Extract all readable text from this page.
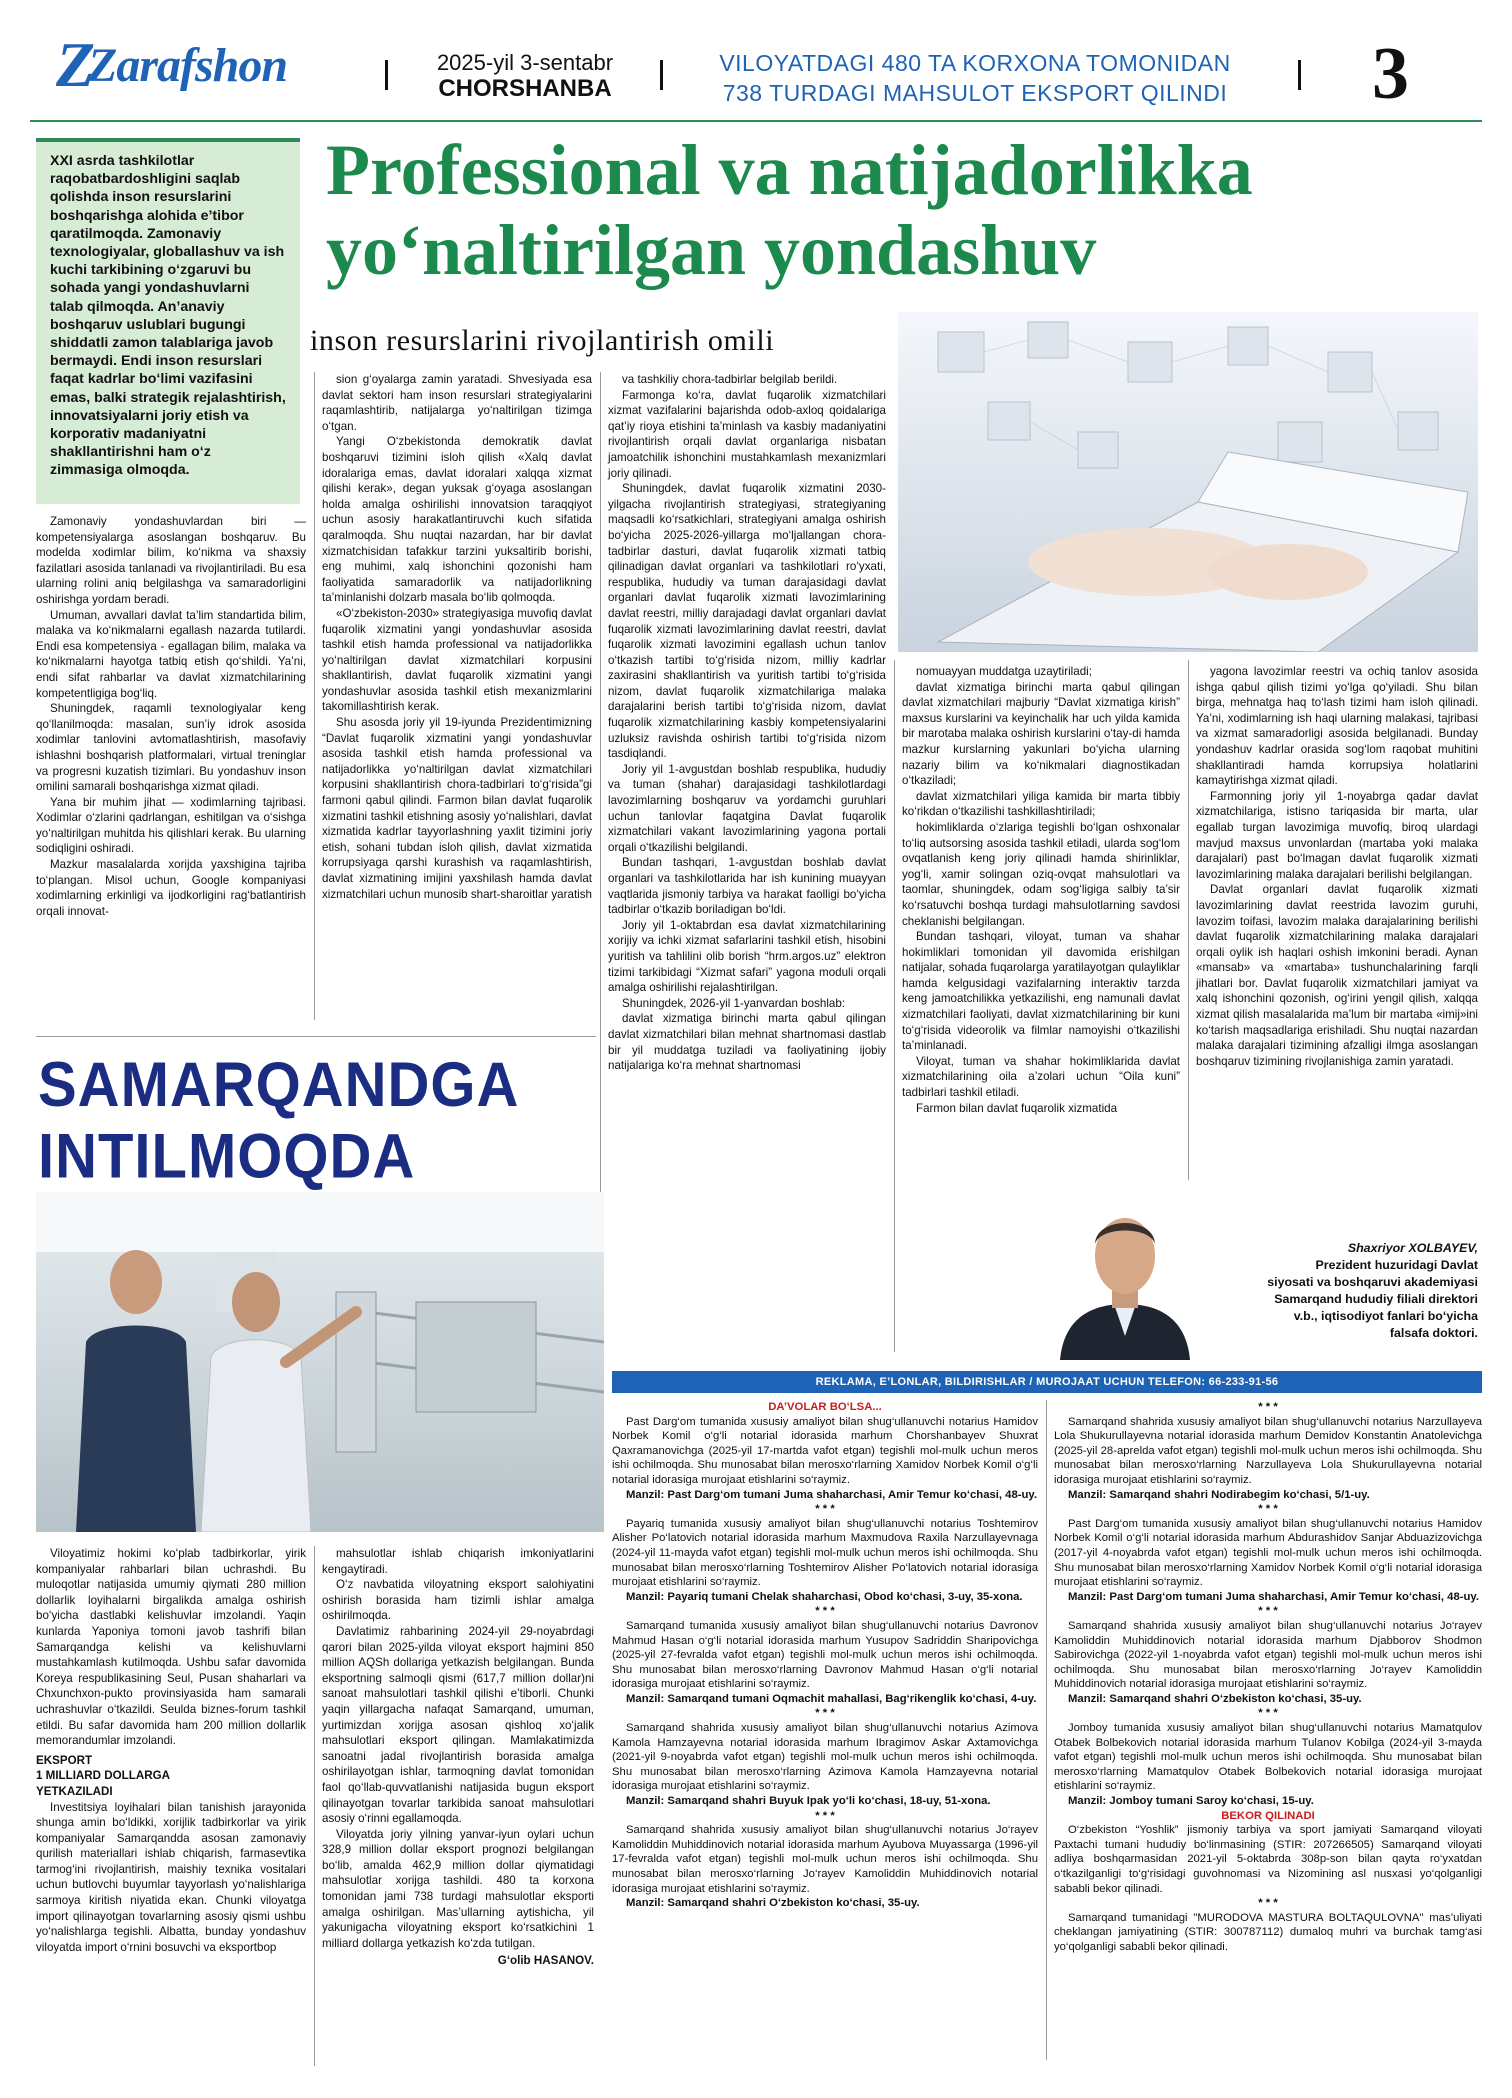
Z
Zarafshon	2025-yil 3-sentabr
CHORSHANBA
VILOYATDAGI 480 TA KORXONA TOMONIDAN
738 TURDAGI MAHSULOT EKSPORT QILINDI	3
XXI asrda tashkilotlar raqobatbardoshligini saqlab qolishda inson resurslarini boshqarishga alohida e’tibor qaratilmoqda. Zamonaviy texnologiyalar, globallashuv va ish kuchi tarkibining o‘zgaruvi bu sohada yangi yondashuvlarni talab qilmoqda. An’anaviy boshqaruv uslublari bugungi shiddatli zamon talablariga javob bermaydi. Endi inson resurslari faqat kadrlar bo‘limi vazifasini emas, balki strategik rejalashtirish, innovatsiyalarni joriy etish va korporativ madaniyatni shakllantirishni ham o‘z zimmasiga olmoqda.
Professional va natijadorlikka
yo‘naltirilgan yondashuv
inson resurslarini rivojlantirish omili

Zamonaviy yondashuvlardan biri — kompetensiyalarga asoslangan boshqaruv. Bu modelda xodimlar bilim, ko‘nikma va shaxsiy fazilatlari asosida tanlanadi va rivojlantiriladi. Bu esa ularning rolini aniq belgilashga va samaradorligini oshirishga yordam beradi.

Umuman, avvallari davlat ta’lim standartida bilim, malaka va ko‘nikmalarni egallash nazarda tutilardi. Endi esa kompetensiya - egallagan bilim, malaka va ko‘nikmalarni hayotga tatbiq etish qo‘shildi. Ya’ni, endi sifat rahbarlar va davlat xizmatchilarining kompetentligiga bog‘liq.

Shuningdek, raqamli texnologiyalar keng qo‘llanilmoqda: masalan, sun’iy idrok asosida xodimlar tanlovini avtomatlashtirish, masofaviy ishlashni boshqarish platformalari, virtual treninglar va progresni kuzatish tizimlari. Bu yondashuv inson omilini samarali boshqarishga xizmat qiladi.

Yana bir muhim jihat — xodimlarning tajribasi. Xodimlar o‘zlarini qadrlangan, eshitilgan va o‘sishga yo‘naltirilgan muhitda his qilishlari kerak. Bu ularning sodiqligini oshiradi.

Mazkur masalalarda xorijda yaxshigina tajriba to‘plangan. Misol uchun, Google kompaniyasi xodimlarning erkinligi va ijodkorligini rag‘batlantirish orqali innovat-

sion g‘oyalarga zamin yaratadi. Shvesiyada esa davlat sektori ham inson resurslari strategiyalarini raqamlashtirib, natijalarga yo‘naltirilgan tizimga o‘tgan.

Yangi O‘zbekistonda demokratik davlat boshqaruvi tizimini isloh qilish «Xalq davlat idoralariga emas, davlat idoralari xalqqa xizmat qilishi kerak», degan yuksak g‘oyaga asoslangan holda amalga oshirilishi innovatsion taraqqiyot uchun asosiy harakatlantiruvchi kuch sifatida qaralmoqda. Shu nuqtai nazardan, har bir davlat xizmatchisidan tafakkur tarzini yuksaltirib borishi, eng muhimi, xalq ishonchini qozonishi ham faoliyatida samaradorlik va natijadorlikning ta’minlanishi dolzarb masala bo‘lib qolmoqda.

«O‘zbekiston-2030» strategiyasiga muvofiq davlat fuqarolik xizmatini yangi yondashuvlar asosida tashkil etish hamda professional va natijadorlikka yo‘naltirilgan davlat xizmatchilari korpusini shakllantirish, davlat fuqarolik xizmatini yangi yondashuvlar asosida tashkil etish mexanizmlarini takomillashtirish kerak.

Shu asosda joriy yil 19-iyunda Prezidentimizning “Davlat fuqarolik xizmatini yangi yondashuvlar asosida tashkil etish hamda professional va natijadorlikka yo‘naltirilgan davlat xizmatchilari korpusini shakllantirish chora-tadbirlari to‘g‘risida”gi farmoni qabul qilindi. Farmon bilan davlat fuqarolik xizmatini tashkil etishning asosiy yo‘nalishlari, davlat xizmatida kadrlar tayyorlashning yaxlit tizimini joriy etish, sohani tubdan isloh qilish, davlat xizmatida korrupsiyaga qarshi kurashish va raqamlashtirish, davlat xizmatining imijini yaxshilash hamda davlat xizmatchilari uchun munosib shart-sharoitlar yaratish

va tashkiliy chora-tadbirlar belgilab berildi.

Farmonga ko‘ra, davlat fuqarolik xizmatchilari xizmat vazifalarini bajarishda odob-axloq qoidalariga qat’iy rioya etishini ta’minlash va kasbiy madaniyatini rivojlantirish orqali davlat organlariga nisbatan jamoatchilik ishonchini mustahkamlash mexanizmlari joriy qilinadi.

Shuningdek, davlat fuqarolik xizmatini 2030-yilgacha rivojlantirish strategiyasi, strategiyaning maqsadli ko‘rsatkichlari, strategiyani amalga oshirish bo‘yicha 2025-2026-yillarga mo‘ljallangan chora-tadbirlar dasturi, davlat fuqarolik xizmati tatbiq qilinadigan davlat organlari va tashkilotlari ro‘yxati, respublika, hududiy va tuman darajasidagi davlat organlari davlat fuqarolik xizmati lavozimlarining davlat reestri, milliy darajadagi davlat organlari davlat fuqarolik xizmati lavozimlarining davlat reestri, davlat fuqarolik xizmati lavozimini egallash uchun tanlov o‘tkazish tartibi to‘g‘risida nizom, milliy kadrlar zaxirasini shakllantirish va yuritish tartibi to‘g‘risida nizom, davlat fuqarolik xizmatchilariga malaka darajalarini berish tartibi to‘g‘risida nizom, davlat fuqarolik xizmatchilarining kasbiy kompetensiyalarini uzluksiz ravishda oshirish tartibi to‘g‘risida nizom tasdiqlandi.

Joriy yil 1-avgustdan boshlab respublika, hududiy va tuman (shahar) darajasidagi tashkilotlardagi lavozimlarning boshqaruv va yordamchi guruhlari uchun tanlovlar faqatgina Davlat fuqarolik xizmatchilari vakant lavozimlarining yagona portali orqali o‘tkazilishi belgilandi.

Bundan tashqari, 1-avgustdan boshlab davlat organlari va tashkilotlarida har ish kunining muayyan vaqtlarida jismoniy tarbiya va harakat faolligi bo‘yicha tadbirlar o‘tkazib boriladigan bo‘ldi.

Joriy yil 1-oktabrdan esa davlat xizmatchilarining xorijiy va ichki xizmat safarlarini tashkil etish, hisobini yuritish va tahlilini olib borish “hrm.argos.uz” elektron tizimi tarkibidagi “Xizmat safari” yagona moduli orqali amalga oshirilishi rejalashtirilgan.

Shuningdek, 2026-yil 1-yanvardan boshlab:

davlat xizmatiga birinchi marta qabul qilingan davlat xizmatchilari bilan mehnat shartnomasi dastlab bir yil muddatga tuziladi va faoliyatining ijobiy natijalariga ko‘ra mehnat shartnomasi

nomuayyan muddatga uzaytiriladi;

davlat xizmatiga birinchi marta qabul qilingan davlat xizmatchilari majburiy “Davlat xizmatiga kirish” maxsus kurslarini va keyinchalik har uch yilda kamida bir marotaba malaka oshirish kurslarini o‘tay-di hamda mazkur kurslarning yakunlari bo‘yicha ularning nazariy bilim va ko‘nikmalari diagnostikadan o‘tkaziladi;

davlat xizmatchilari yiliga kamida bir marta tibbiy ko‘rikdan o‘tkazilishi tashkillashtiriladi;

hokimliklarda o‘zlariga tegishli bo‘lgan oshxonalar to‘liq autsorsing asosida tashkil etiladi, ularda sog‘lom ovqatlanish keng joriy qilinadi hamda shirinliklar, yog‘li, xamir solingan oziq-ovqat mahsulotlari va taomlar, shuningdek, odam sog‘ligiga salbiy ta’sir ko‘rsatuvchi boshqa turdagi mahsulotlarning savdosi cheklanishi belgilangan.

Bundan tashqari, viloyat, tuman va shahar hokimliklari tomonidan yil davomida erishilgan natijalar, sohada fuqarolarga yaratilayotgan qulayliklar hamda kelgusidagi vazifalarning interaktiv tarzda keng jamoatchilikka yetkazilishi, eng namunali davlat xizmatchilari faoliyati, davlat xizmatchilarining bir kuni to‘g‘risida videorolik va filmlar namoyishi o‘tkazilishi ta’minlanadi.

Viloyat, tuman va shahar hokimliklarida davlat xizmatchilarining oila a’zolari uchun “Oila kuni” tadbirlari tashkil etiladi.

Farmon bilan davlat fuqarolik xizmatida

yagona lavozimlar reestri va ochiq tanlov asosida ishga qabul qilish tizimi yo‘lga qo‘yiladi. Shu bilan birga, mehnatga haq to‘lash tizimi ham isloh qilinadi. Ya’ni, xodimlarning ish haqi ularning malakasi, tajribasi va xizmat samaradorligi asosida belgilanadi. Bunday yondashuv kadrlar orasida sog‘lom raqobat muhitini shakllantiradi hamda korrupsiya holatlarini kamaytirishga xizmat qiladi.

Farmonning joriy yil 1-noyabrga qadar davlat xizmatchilariga, istisno tariqasida bir marta, ular egallab turgan lavozimiga muvofiq, biroq ulardagi mavjud maxsus unvonlardan (martaba yoki malaka darajalari) past bo‘lmagan davlat fuqarolik xizmati lavozimlarining malaka darajalari berilishi belgilangan.

Davlat organlari davlat fuqarolik xizmati lavozimlarining davlat reestrida lavozim guruhi, lavozim toifasi, lavozim malaka darajalarining berilishi davlat fuqarolik xizmatchilarining malaka darajalari orqali oylik ish haqlari oshish imkonini beradi. Aynan «mansab» va «martaba» tushunchalarining farqli jihatlari bor. Davlat fuqarolik xizmatchilari jamiyat va xalq ishonchini qozonish, og‘irini yengil qilish, xalqqa xizmat qilish masalalarida ma’lum bir martaba «imij»ini ko‘tarish maqsadlariga erishiladi. Shu nuqtai nazardan malaka darajalari tizimining afzalligi ilmga asoslangan boshqaruv tizimining rivojlanishiga zamin yaratadi.

Shaxriyor XOLBAYEV,
Prezident huzuridagi Davlat
siyosati va boshqaruvi akademiyasi
Samarqand hududiy filiali direktori
v.b., iqtisodiyot fanlari bo‘yicha
falsafa doktori.
SAMARQANDGA
INTILMOQDA

Viloyatimiz hokimi ko‘plab tadbirkorlar, yirik kompaniyalar rahbarlari bilan uchrashdi. Bu muloqotlar natijasida umumiy qiymati 280 million dollarlik loyihalarni birgalikda amalga oshirish bo‘yicha dastlabki kelishuvlar imzolandi. Yaqin kunlarda Yaponiya tomoni javob tashrifi bilan Samarqandga kelishi va kelishuvlarni mustahkamlash kutilmoqda. Ushbu safar davomida Koreya respublikasining Seul, Pusan shaharlari va Chxunchxon-pukto provinsiyasida ham samarali uchrashuvlar o‘tkazildi. Seulda biznes-forum tashkil etildi. Bu safar davomida ham 200 million dollarlik memorandumlar imzolandi.

EKSPORT
1 MILLIARD DOLLARGA
YETKAZILADI

Investitsiya loyihalari bilan tanishish jarayonida shunga amin bo‘ldikki, xorijlik tadbirkorlar va yirik kompaniyalar Samarqandda asosan zamonaviy qurilish materiallari ishlab chiqarish, farmasevtika tarmog‘ini rivojlantirish, maishiy texnika vositalari uchun butlovchi buyumlar tayyorlash yo‘nalishlariga sarmoya kiritish niyatida ekan. Chunki viloyatga import qilinayotgan tovarlarning asosiy qismi ushbu yo‘nalishlarga tegishli. Albatta, bunday yondashuv viloyatda import o‘rnini bosuvchi va eksportbop

mahsulotlar ishlab chiqarish imkoniyatlarini kengaytiradi.

O‘z navbatida viloyatning eksport salohiyatini oshirish borasida ham tizimli ishlar amalga oshirilmoqda.

Davlatimiz rahbarining 2024-yil 29-noyabrdagi qarori bilan 2025-yilda viloyat eksport hajmini 850 million AQSh dollariga yetkazish belgilangan. Bunda eksportning salmoqli qismi (617,7 million dollar)ni sanoat mahsulotlari tashkil qilishi e’tiborli. Chunki yaqin yillargacha nafaqat Samarqand, umuman, yurtimizdan xorijga asosan qishloq xo‘jalik mahsulotlari eksport qilingan. Mamlakatimizda sanoatni jadal rivojlantirish borasida amalga oshirilayotgan ishlar, tarmoqning davlat tomonidan faol qo‘llab-quvvatlanishi natijasida bugun eksport qilinayotgan tovarlar tarkibida sanoat mahsulotlari asosiy o‘rinni egallamoqda.

Viloyatda joriy yilning yanvar-iyun oylari uchun 328,9 million dollar eksport prognozi belgilangan bo‘lib, amalda 462,9 million dollar qiymatidagi mahsulotlar xorijga tashildi. 480 ta korxona tomonidan jami 738 turdagi mahsulotlar eksporti amalga oshirilgan. Mas’ullarning aytishicha, yil yakunigacha viloyatning eksport ko‘rsatkichini 1 milliard dollarga yetkazish ko‘zda tutilgan.

G‘olib HASANOV.
REKLAMA, E’LONLAR, BILDIRISHLAR / MUROJAAT UCHUN TELEFON: 66-233-91-56

DA’VOLAR BO‘LSA...

Past Darg‘om tumanida xususiy amaliyot bilan shug‘ullanuvchi notarius Hamidov Norbek Komil o‘g‘li notarial idorasida marhum Chorshanbayev Shuxrat Qaxramanovichga (2025-yil 17-martda vafot etgan) tegishli mol-mulk uchun meros ishi ochilmoqda. Shu munosabat bilan merosxo‘rlarning Xamidov Norbek Komil o‘g‘li notarial idorasiga murojaat etishlarini so‘raymiz.

Manzil: Past Darg‘om tumani Juma shaharchasi, Amir Temur ko‘chasi, 48-uy.

* * *

Payariq tumanida xususiy amaliyot bilan shug‘ullanuvchi notarius Toshtemirov Alisher Po‘latovich notarial idorasida marhum Maxmudova Raxila Narzullayevnaga (2024-yil 11-mayda vafot etgan) tegishli mol-mulk uchun meros ishi ochilmoqda. Shu munosabat bilan merosxo‘rlarning Toshtemirov Alisher Po‘latovich notarial idorasiga murojaat etishlarini so‘raymiz.

Manzil: Payariq tumani Chelak shaharchasi, Obod ko‘chasi, 3-uy, 35-xona.

* * *

Samarqand tumanida xususiy amaliyot bilan shug‘ullanuvchi notarius Davronov Mahmud Hasan o‘g‘li notarial idorasida marhum Yusupov Sadriddin Sharipovichga (2025-yil 27-fevralda vafot etgan) tegishli mol-mulk uchun meros ishi ochilmoqda. Shu munosabat bilan merosxo‘rlarning Davronov Mahmud Hasan o‘g‘li notarial idorasiga murojaat etishlarini so‘raymiz.

Manzil: Samarqand tumani Oqmachit mahallasi, Bag‘rikenglik ko‘chasi, 4-uy.

* * *

Samarqand shahrida xususiy amaliyot bilan shug‘ullanuvchi notarius Azimova Kamola Hamzayevna notarial idorasida marhum Ibragimov Askar Axtamovichga (2021-yil 9-noyabrda vafot etgan) tegishli mol-mulk uchun meros ishi ochilmoqda. Shu munosabat bilan merosxo‘rlarning Azimova Kamola Hamzayevna notarial idorasiga murojaat etishlarini so‘raymiz.

Manzil: Samarqand shahri Buyuk Ipak yo‘li ko‘chasi, 18-uy, 51-xona.

* * *

Samarqand shahrida xususiy amaliyot bilan shug‘ullanuvchi notarius Jo‘rayev Kamoliddin Muhiddinovich notarial idorasida marhum Ayubova Muyassarga (1996-yil 17-fevralda vafot etgan) tegishli mol-mulk uchun meros ishi ochilmoqda. Shu munosabat bilan merosxo‘rlarning Jo‘rayev Kamoliddin Muhiddinovich notarial idorasiga murojaat etishlarini so‘raymiz.

Manzil: Samarqand shahri O‘zbekiston ko‘chasi, 35-uy.

* * *

Samarqand shahrida xususiy amaliyot bilan shug‘ullanuvchi notarius Narzullayeva Lola Shukurullayevna notarial idorasida marhum Demidov Konstantin Anatolevichga (2025-yil 28-aprelda vafot etgan) tegishli mol-mulk uchun meros ishi ochilmoqda. Shu munosabat bilan merosxo‘rlarning Narzullayeva Lola Shukurullayevna notarial idorasiga murojaat etishlarini so‘raymiz.

Manzil: Samarqand shahri Nodirabegim ko‘chasi, 5/1-uy.

* * *

Past Darg‘om tumanida xususiy amaliyot bilan shug‘ullanuvchi notarius Hamidov Norbek Komil o‘g‘li notarial idorasida marhum Abdurashidov Sanjar Abduazizovichga (2017-yil 4-noyabrda vafot etgan) tegishli mol-mulk uchun meros ishi ochilmoqda. Shu munosabat bilan merosxo‘rlarning Xamidov Norbek Komil o‘g‘li notarial idorasiga murojaat etishlarini so‘raymiz.

Manzil: Past Darg‘om tumani Juma shaharchasi, Amir Temur ko‘chasi, 48-uy.

* * *

Samarqand shahrida xususiy amaliyot bilan shug‘ullanuvchi notarius Jo‘rayev Kamoliddin Muhiddinovich notarial idorasida marhum Djabborov Shodmon Sabirovichga (2022-yil 1-noyabrda vafot etgan) tegishli mol-mulk uchun meros ishi ochilmoqda. Shu munosabat bilan merosxo‘rlarning Jo‘rayev Kamoliddin Muhiddinovich notarial idorasiga murojaat etishlarini so‘raymiz.

Manzil: Samarqand shahri O‘zbekiston ko‘chasi, 35-uy.

* * *

Jomboy tumanida xususiy amaliyot bilan shug‘ullanuvchi notarius Mamatqulov Otabek Bolbekovich notarial idorasida marhum Tulanov Kobilga (2024-yil 3-mayda vafot etgan) tegishli mol-mulk uchun meros ishi ochilmoqda. Shu munosabat bilan merosxo‘rlarning Mamatqulov Otabek Bolbekovich notarial idorasiga murojaat etishlarini so‘raymiz.

Manzil: Jomboy tumani Saroy ko‘chasi, 15-uy.

BEKOR QILINADI

O‘zbekiston “Yoshlik” jismoniy tarbiya va sport jamiyati Samarqand viloyati Paxtachi tumani hududiy bo‘linmasining (STIR: 207266505) Samarqand viloyati adliya boshqarmasidan 2021-yil 5-oktabrda 308p-son bilan qayta ro‘yxatdan o‘tkazilganligi to‘g‘risidagi guvohnomasi va Nizomining asl nusxasi yo‘qolganligi sababli bekor qilinadi.

* * *

Samarqand tumanidagi "MURODOVA MASTURA BOLTAQULOVNA" mas’uliyati cheklangan jamiyatining (STIR: 300787112) dumaloq muhri va burchak tamg‘asi yo‘qolganligi sababli bekor qilinadi.
